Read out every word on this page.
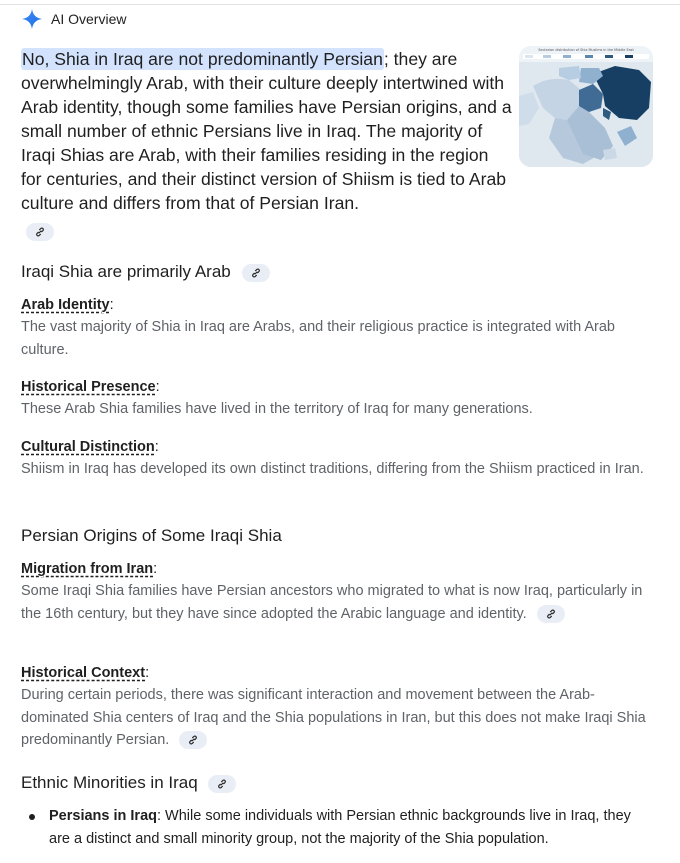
AI Overview
No, Shia in Iraq are not predominantly Persian; they are overwhelmingly Arab, with their culture deeply intertwined with Arab identity, though some families have Persian origins, and a small number of ethnic Persians live in Iraq. The majority of Iraqi Shias are Arab, with their families residing in the region for centuries, and their distinct version of Shiism is tied to Arab culture and differs from that of Persian Iran.
Sectarian distribution of Shia Muslims in the Middle East
Iraqi Shia are primarily Arab
Arab Identity:
The vast majority of Shia in Iraq are Arabs, and their religious practice is integrated with Arab culture.
Historical Presence:
These Arab Shia families have lived in the territory of Iraq for many generations.
Cultural Distinction:
Shiism in Iraq has developed its own distinct traditions, differing from the Shiism practiced in Iran.
Persian Origins of Some Iraqi Shia
Migration from Iran:
Some Iraqi Shia families have Persian ancestors who migrated to what is now Iraq, particularly in the 16th century, but they have since adopted the Arabic language and identity.
Historical Context:
During certain periods, there was significant interaction and movement between the Arab-dominated Shia centers of Iraq and the Shia populations in Iran, but this does not make Iraqi Shia predominantly Persian.
Ethnic Minorities in Iraq
Persians in Iraq: While some individuals with Persian ethnic backgrounds live in Iraq, they are a distinct and small minority group, not the majority of the Shia population.
